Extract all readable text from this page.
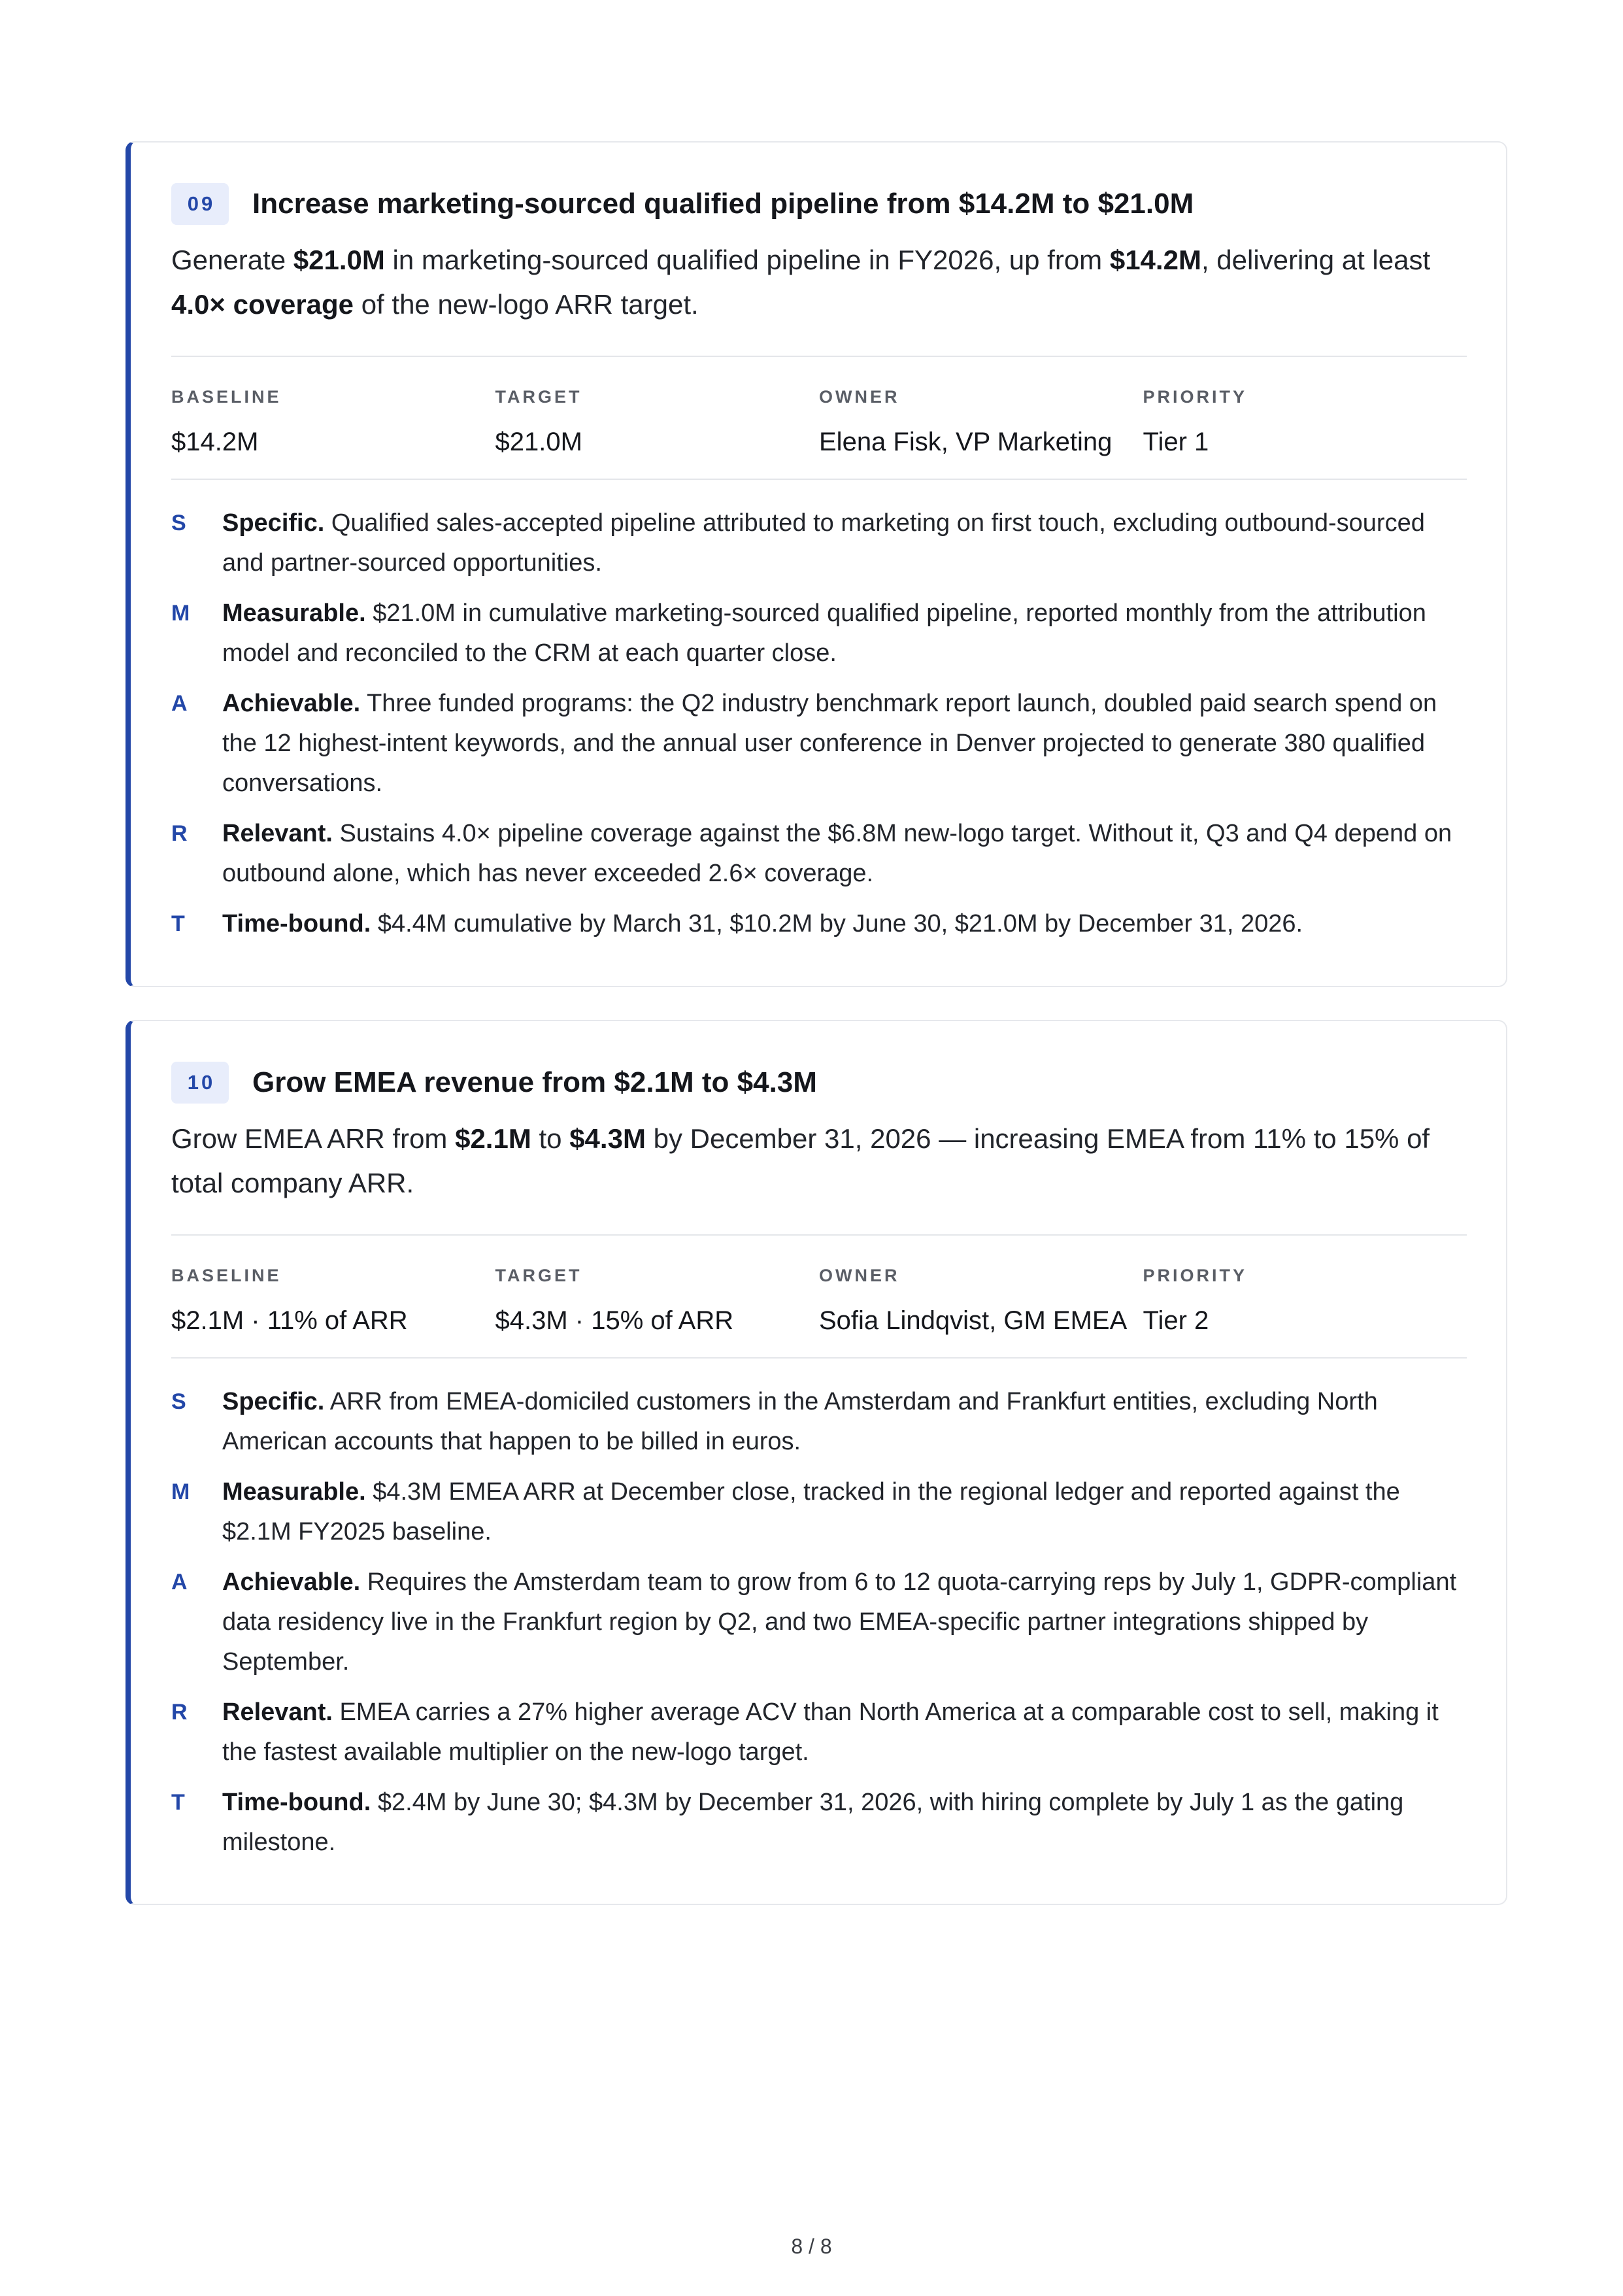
09	Increase marketing-sourced qualified pipeline from $14.2M to $21.0M
Generate $21.0M in marketing-sourced qualified pipeline in FY2026, up from $14.2M, delivering at least 4.0× coverage of the new-logo ARR target.
BASELINE
$14.2M
TARGET
$21.0M
OWNER
Elena Fisk, VP Marketing
PRIORITY
Tier 1
S Specific. Qualified sales-accepted pipeline attributed to marketing on first touch, excluding outbound-sourced and partner-sourced opportunities.
M Measurable. $21.0M in cumulative marketing-sourced qualified pipeline, reported monthly from the attribution model and reconciled to the CRM at each quarter close.
A Achievable. Three funded programs: the Q2 industry benchmark report launch, doubled paid search spend on the 12 highest-intent keywords, and the annual user conference in Denver projected to generate 380 qualified conversations.
R Relevant. Sustains 4.0× pipeline coverage against the $6.8M new-logo target. Without it, Q3 and Q4 depend on outbound alone, which has never exceeded 2.6× coverage.
T Time-bound. $4.4M cumulative by March 31, $10.2M by June 30, $21.0M by December 31, 2026.
10	Grow EMEA revenue from $2.1M to $4.3M
Grow EMEA ARR from $2.1M to $4.3M by December 31, 2026 — increasing EMEA from 11% to 15% of total company ARR.
BASELINE
$2.1M · 11% of ARR
TARGET
$4.3M · 15% of ARR
OWNER
Sofia Lindqvist, GM EMEA
PRIORITY
Tier 2
S Specific. ARR from EMEA-domiciled customers in the Amsterdam and Frankfurt entities, excluding North American accounts that happen to be billed in euros.
M Measurable. $4.3M EMEA ARR at December close, tracked in the regional ledger and reported against the $2.1M FY2025 baseline.
A Achievable. Requires the Amsterdam team to grow from 6 to 12 quota-carrying reps by July 1, GDPR-compliant data residency live in the Frankfurt region by Q2, and two EMEA-specific partner integrations shipped by September.
R Relevant. EMEA carries a 27% higher average ACV than North America at a comparable cost to sell, making it the fastest available multiplier on the new-logo target.
T Time-bound. $2.4M by June 30; $4.3M by December 31, 2026, with hiring complete by July 1 as the gating milestone.
8 / 8
